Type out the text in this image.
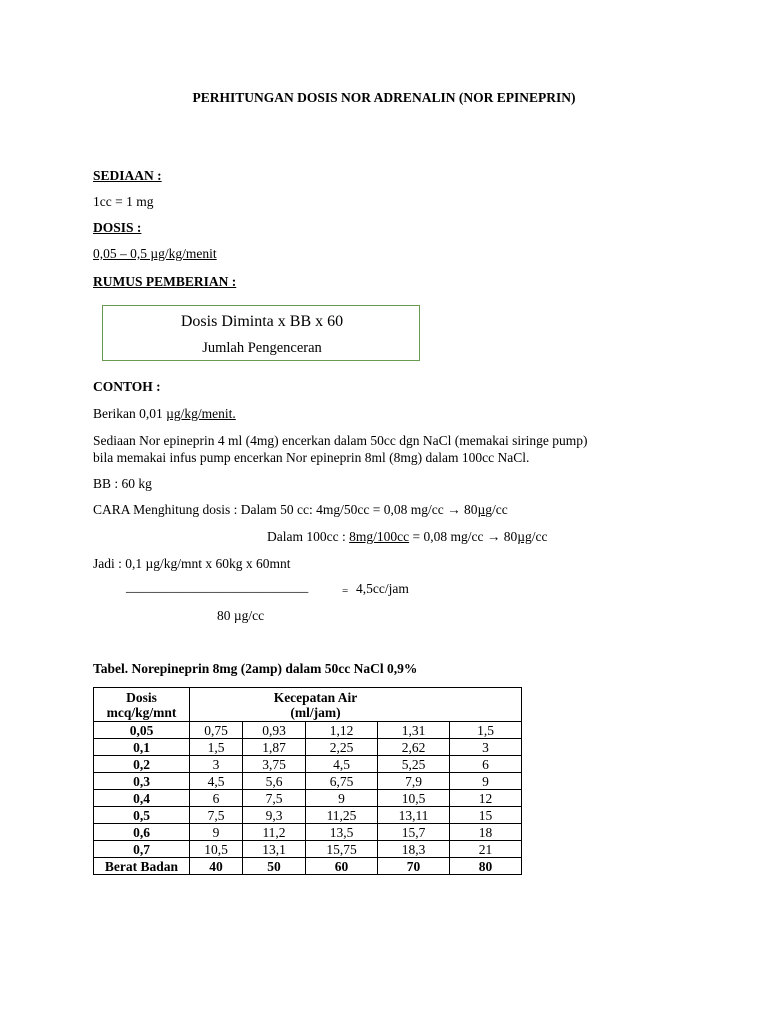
PERHITUNGAN DOSIS NOR ADRENALIN (NOR EPINEPRIN)
SEDIAAN :
1cc = 1 mg
DOSIS :
0,05 – 0,5 µg/kg/menit
RUMUS PEMBERIAN :
Dosis Diminta x BB x 60
Jumlah Pengenceran
CONTOH :
Berikan 0,01 µg/kg/menit.
Sediaan Nor epineprin 4 ml (4mg) encerkan dalam 50cc dgn NaCl (memakai siringe pump)
bila memakai infus pump encerkan Nor epineprin 8ml (8mg) dalam 100cc NaCl.
BB : 60 kg
CARA Menghitung dosis : Dalam 50 cc: 4mg/50cc = 0,08 mg/cc → 80µg/cc
Dalam 100cc : 8mg/100cc = 0,08 mg/cc → 80µg/cc
Jadi : 0,1 µg/kg/mnt x 60kg x 60mnt
___________________________	= 4,5cc/jam
80 µg/cc
Tabel. Norepineprin 8mg (2amp) dalam 50cc NaCl 0,9%
Dosis
mcq/kg/mnt	Kecepatan Air
(ml/jam)				
0,05	0,75	0,93	1,12	1,31	1,5
0,1	1,5	1,87	2,25	2,62	3
0,2	3	3,75	4,5	5,25	6
0,3	4,5	5,6	6,75	7,9	9
0,4	6	7,5	9	10,5	12
0,5	7,5	9,3	11,25	13,11	15
0,6	9	11,2	13,5	15,7	18
0,7	10,5	13,1	15,75	18,3	21
Berat Badan	40	50	60	70	80
